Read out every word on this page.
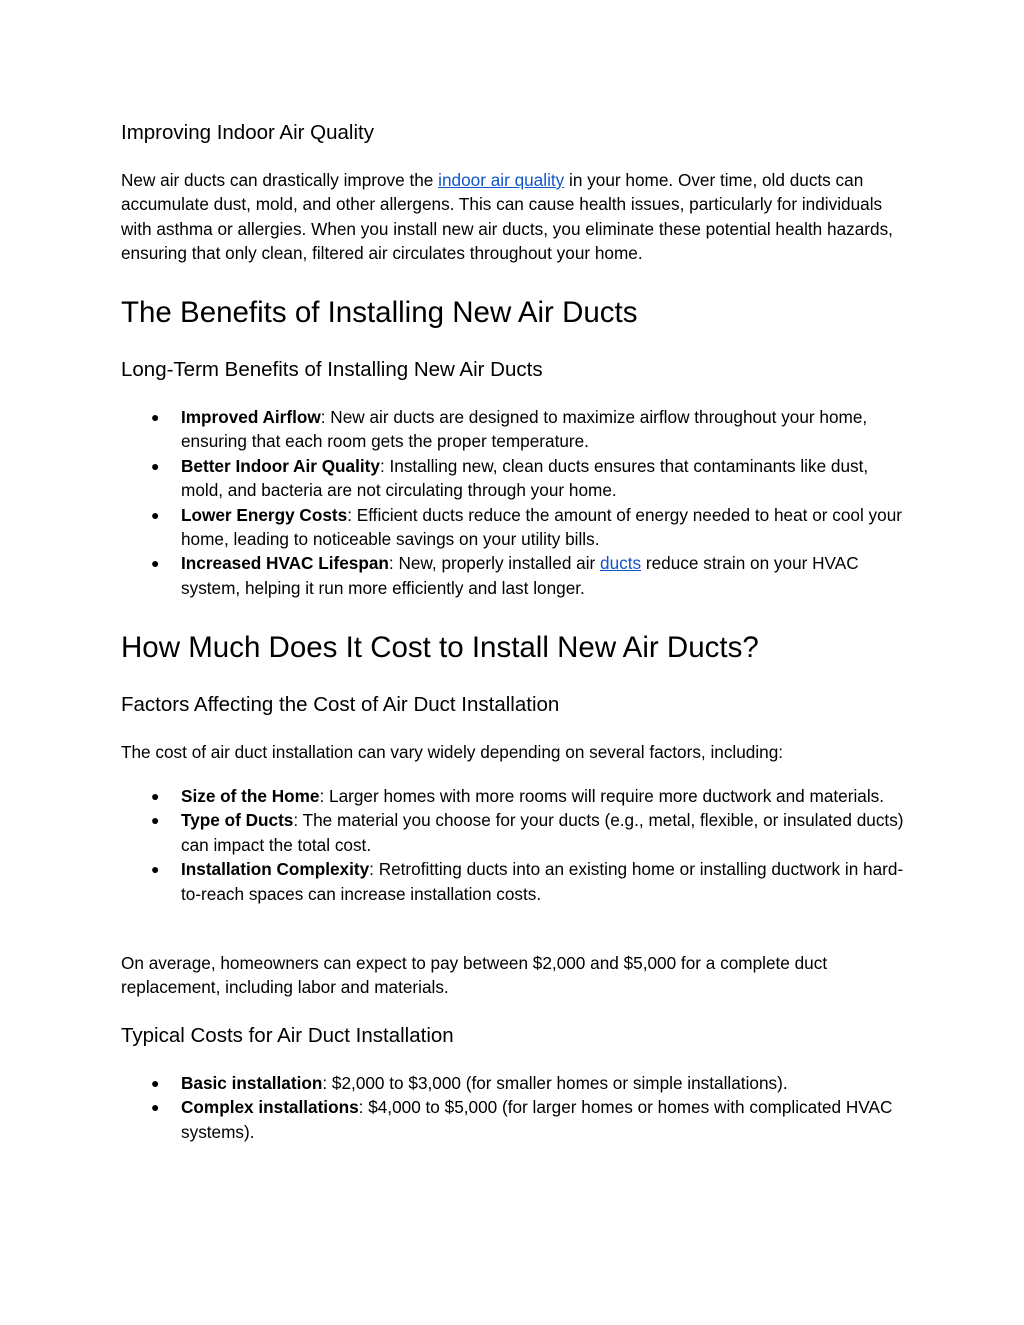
Improving Indoor Air Quality

New air ducts can drastically improve the indoor air quality in your home. Over time, old ducts can accumulate dust, mold, and other allergens. This can cause health issues, particularly for individuals with asthma or allergies. When you install new air ducts, you eliminate these potential health hazards, ensuring that only clean, filtered air circulates throughout your home.

The Benefits of Installing New Air Ducts
Long-Term Benefits of Installing New Air Ducts
● Improved Airflow: New air ducts are designed to maximize airflow throughout your home, ensuring that each room gets the proper temperature.
● Better Indoor Air Quality: Installing new, clean ducts ensures that contaminants like dust, mold, and bacteria are not circulating through your home.
● Lower Energy Costs: Efficient ducts reduce the amount of energy needed to heat or cool your home, leading to noticeable savings on your utility bills.
● Increased HVAC Lifespan: New, properly installed air ducts reduce strain on your HVAC system, helping it run more efficiently and last longer.
How Much Does It Cost to Install New Air Ducts?
Factors Affecting the Cost of Air Duct Installation

The cost of air duct installation can vary widely depending on several factors, including:

● Size of the Home: Larger homes with more rooms will require more ductwork and materials.
● Type of Ducts: The material you choose for your ducts (e.g., metal, flexible, or insulated ducts) can impact the total cost.
● Installation Complexity: Retrofitting ducts into an existing home or installing ductwork in hard-to-reach spaces can increase installation costs.

On average, homeowners can expect to pay between $2,000 and $5,000 for a complete duct replacement, including labor and materials.

Typical Costs for Air Duct Installation
● Basic installation: $2,000 to $3,000 (for smaller homes or simple installations).
● Complex installations: $4,000 to $5,000 (for larger homes or homes with complicated HVAC systems).
